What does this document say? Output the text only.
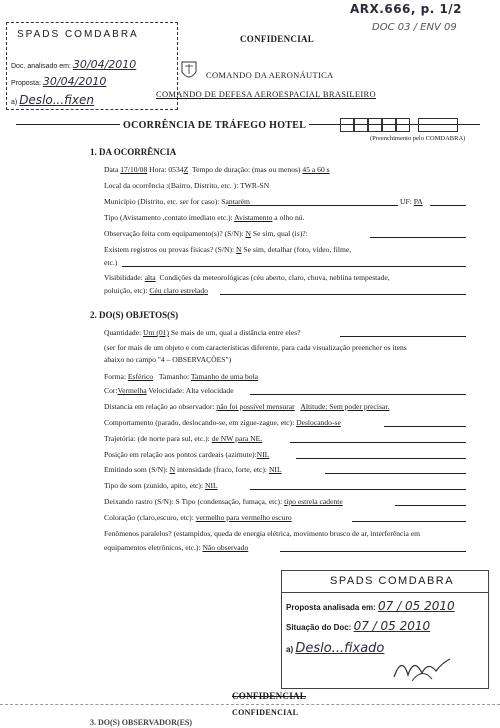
ARX.666, p. 1/2
DOC 03 / ENV 09
SPADS COMDABRA
Doc. analisado em: 30/04/2010
Proposta: 30/04/2010
a) Deslo...fixen
CONFIDENCIAL
COMANDO DA AERONÁUTICA
COMANDO DE DEFESA AEROESPACIAL BRASILEIRO
OCORRÊNCIA DE TRÁFEGO HOTEL
(Preenchimento pelo COMDABRA)
1. DA OCORRÊNCIA
Data 17/10/08 Hora: 0534Z Tempo de duração: (mas ou menos) 45 a 60 s
Local da ocorrência :(Bairro, Distrito, etc. ): TWR-SN
Município (Distrito, etc. ser for caso): Santarém	UF: PA
Tipo (Avistamento ,contato imediato etc.): Avistamento a olho nú.
Observação feita com equipamento(s)? (S/N): N Se sim, qual (is)?:
Existem registros ou provas físicas? (S/N): N Se sim, detalhar (foto, vídeo, filme,
etc.)
Visibilidade: alta Condições da meteorológicas (céu aberto, claro, chuva, neblina tempestade,
poluição, etc): Céu claro estrelado
2. DO(S) OBJETOS(S)
Quantidade: Um (01) Se mais de um, qual a distância entre eles?
(ser for mais de um objeto e com características diferente, para cada visualização preencher os itens
abaixo no campo "4 – OBSERVAÇÕES")
Forma: Esférico Tamanho: Tamanho de uma bola
Cor:Vermelha Velocidade: Alta velocidade
Distancia em relação ao observador: não foi possivel mensurar Altitude: Sem poder precisar.
Comportamento (parado, deslocando-se, em zigue-zague, etc): Deslocando-se
Trajetória: (de norte para sul, etc.): de NW para NE.
Posição em relação aos pontos cardeais (azimute):NIL
Emitindo som (S/N): N intensidade (fraco, forte, etc): NIL
Tipo de som (zunido, apito, etc): NIL
Deixando rastro (S/N): S Tipo (condensação, fumaça, etc): tipo estrela cadente
Coloração (claro,escuro, etc): vermelho para vermelho escuro
Fenômenos paralelos? (estampidos, queda de energia elétrica, movimento brusco de ar, interferência em
equipamentos eletrônicos, etc.): Não observado
SPADS COMDABRA
Proposta analisada em: 07 / 05 2010
Situação do Doc: 07 / 05 2010
a) Deslo...fixado
CONFIDENCIAL
CONFIDENCIAL
3. DO(S) OBSERVADOR(ES)
